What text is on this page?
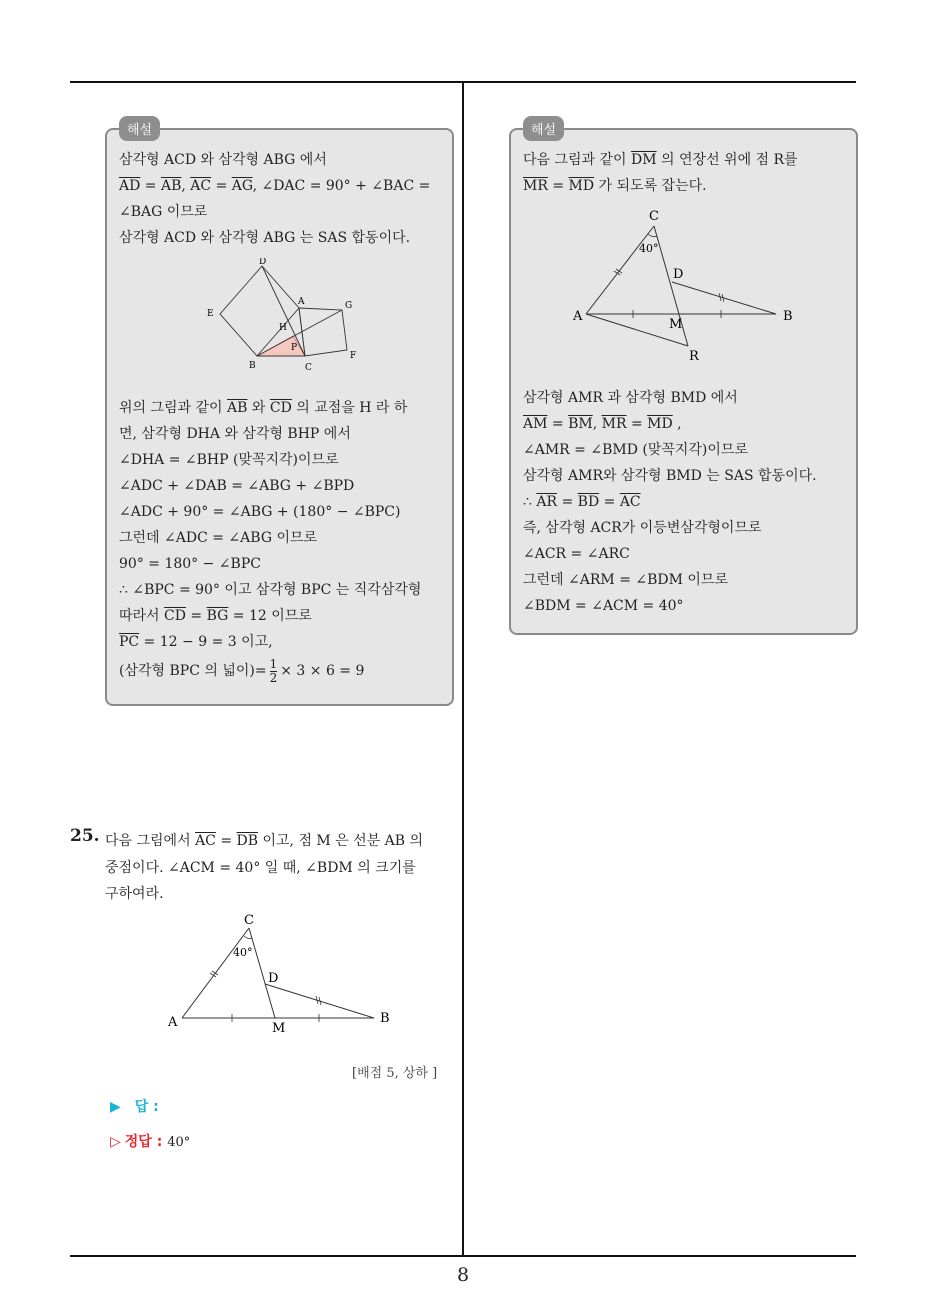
8
해설
삼각형 ACD 와 삼각형 ABG 에서
$\overline{AD} = \overline{AB}$, $\overline{AC} = \overline{AG}$, ∠DAC = 90° + ∠BAC =
∠BAG 이므로
삼각형 ACD 와 삼각형 ABG 는 SAS 합동이다.
D
E
A	G
H
P
B	C
F
위의 그림과 같이 $\overline{AB}$ 와 $\overline{CD}$ 의 교점을 H 라 하
면, 삼각형 DHA 와 삼각형 BHP 에서
∠DHA = ∠BHP (맞꼭지각)이므로
∠ADC + ∠DAB = ∠ABG + ∠BPD
∠ADC + 90° = ∠ABG + (180° − ∠BPC)
그런데 ∠ADC = ∠ABG 이므로
90° = 180° − ∠BPC
∴ ∠BPC = 90° 이고 삼각형 BPC 는 직각삼각형
따라서 $\overline{CD} = \overline{BG} = 12$ 이므로
$\overline{PC} = 12 - 9 = 3$ 이고,
(삼각형 BPC 의 넓이)= $\frac{1}{2} \times 3 \times 6 = 9$
해설
다음 그림과 같이 $\overline{DM}$ 의 연장선 위에 점 R를
$\overline{MR} = \overline{MD}$ 가 되도록 잡는다.
C
40°
D
A
M
B
R
삼각형 AMR 과 삼각형 BMD 에서
$\overline{AM} = \overline{BM}$, $\overline{MR} = \overline{MD}$ ,
∠AMR = ∠BMD (맞꼭지각)이므로
삼각형 AMR와 삼각형 BMD 는 SAS 합동이다.
∴ $\overline{AR} = \overline{BD} = \overline{AC}$
즉, 삼각형 ACR가 이등변삼각형이므로
∠ACR = ∠ARC
그런데 ∠ARM = ∠BDM 이므로
∠BDM = ∠ACM = 40°
25. 다음 그림에서 $\overline{AC} = \overline{DB}$ 이고, 점 M 은 선분 AB 의
중점이다. ∠ACM = 40° 일 때, ∠BDM 의 크기를
구하여라.
C
40°
D
A	M
B
[배점 5, 상하 ]
▶ 답 :
▷ 정답 : 40°
